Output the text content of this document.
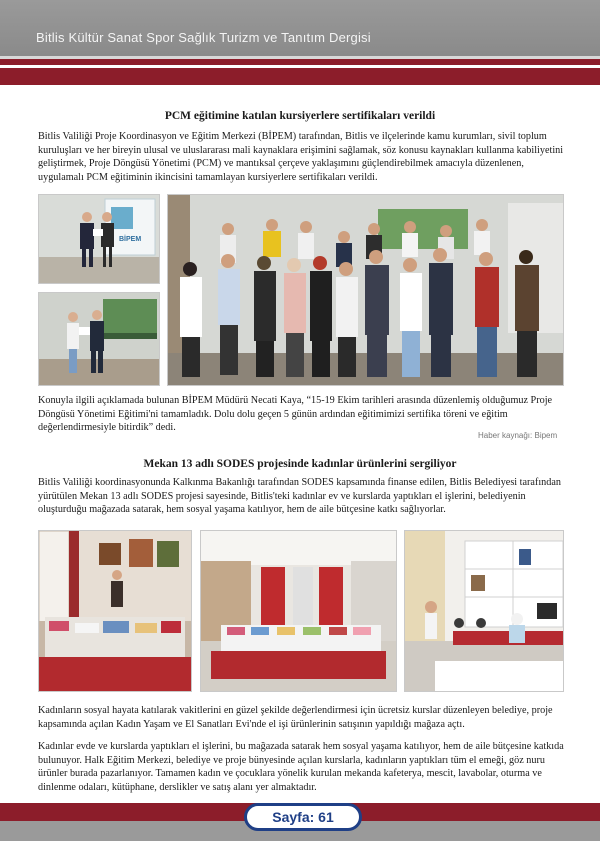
Bitlis Kültür Sanat Spor Sağlık Turizm ve Tanıtım Dergisi
PCM eğitimine katılan kursiyerlere sertifikaları verildi

Bitlis Valiliği Proje Koordinasyon ve Eğitim Merkezi (BİPEM) tarafından, Bitlis ve ilçelerinde kamu kurumları, sivil toplum kuruluşları ve her bireyin ulusal ve uluslararası mali kaynaklara erişimini sağlamak, söz konusu kaynakları kullanma kabiliyetini geliştirmek, Proje Döngüsü Yönetimi (PCM) ve mantıksal çerçeve yaklaşımını güçlendirebilmek amacıyla düzenlenen, uygulamalı PCM eğitiminin ikincisini tamamlayan kursiyerlere sertifikaları verildi.

BİPEM

Konuyla ilgili açıklamada bulunan BİPEM Müdürü Necati Kaya, “15-19 Ekim tarihleri arasında düzenlemiş olduğumuz Proje Döngüsü Yönetimi Eğitimi'ni tamamladık. Dolu dolu geçen 5 günün ardından eğitimimizi sertifika töreni ve eğitim değerlendirmesiyle bitirdik” dedi.

Haber kaynağı: Bipem
Mekan 13 adlı SODES projesinde kadınlar ürünlerini sergiliyor

Bitlis Valiliği koordinasyonunda Kalkınma Bakanlığı tarafından SODES kapsamında finanse edilen, Bitlis Belediyesi tarafından yürütülen Mekan 13 adlı SODES projesi sayesinde, Bitlis'teki kadınlar ev ve kurslarda yaptıkları el işlerini, belediyenin oluşturduğu mağazada satarak, hem sosyal yaşama katılıyor, hem de aile bütçesine katkı sağlıyorlar.

Kadınların sosyal hayata katılarak vakitlerini en güzel şekilde değerlendirmesi için ücretsiz kurslar düzenleyen belediye, proje kapsamında açılan Kadın Yaşam ve El Sanatları Evi'nde el işi ürünlerinin satışının yapıldığı mağaza açtı.

Kadınlar evde ve kurslarda yaptıkları el işlerini, bu mağazada satarak hem sosyal yaşama katılıyor, hem de aile bütçesine katkıda bulunuyor. Halk Eğitim Merkezi, belediye ve proje bünyesinde açılan kurslarla, kadınların yaptıkları tüm el emeği, göz nuru ürünler burada pazarlanıyor. Tamamen kadın ve çocuklara yönelik kurulan mekanda kafeterya, mescit, lavabolar, oturma ve dinlenme odaları, kütüphane, derslikler ve satış alanı yer almaktadır.

Sayfa: 61
